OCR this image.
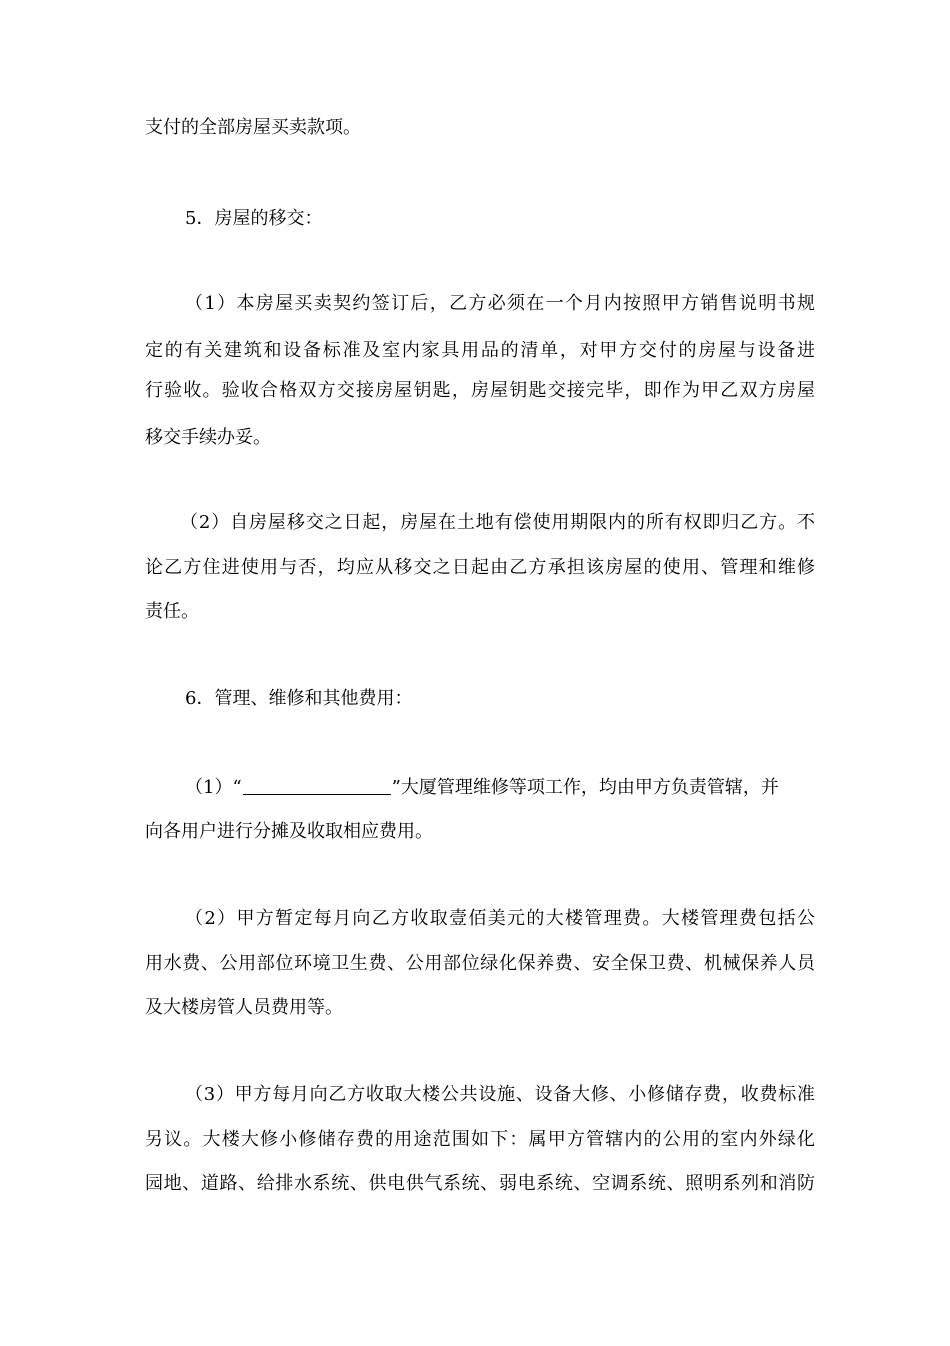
支付的全部房屋买卖款项。
5．房屋的移交：
（1）本房屋买卖契约签订后，乙方必须在一个月内按照甲方销售说明书规
定的有关建筑和设备标准及室内家具用品的清单，对甲方交付的房屋与设备进
行验收。验收合格双方交接房屋钥匙，房屋钥匙交接完毕，即作为甲乙双方房屋
移交手续办妥。
（2）自房屋移交之日起，房屋在土地有偿使用期限内的所有权即归乙方。不
论乙方住进使用与否，均应从移交之日起由乙方承担该房屋的使用、管理和维修
责任。
6．管理、维修和其他费用：
（1）“	”大厦管理维修等项工作，均由甲方负责管辖，并
向各用户进行分摊及收取相应费用。
（2）甲方暂定每月向乙方收取壹佰美元的大楼管理费。大楼管理费包括公
用水费、公用部位环境卫生费、公用部位绿化保养费、安全保卫费、机械保养人员
及大楼房管人员费用等。
（3）甲方每月向乙方收取大楼公共设施、设备大修、小修储存费，收费标准
另议。大楼大修小修储存费的用途范围如下：属甲方管辖内的公用的室内外绿化
园地、道路、给排水系统、供电供气系统、弱电系统、空调系统、照明系列和消防
